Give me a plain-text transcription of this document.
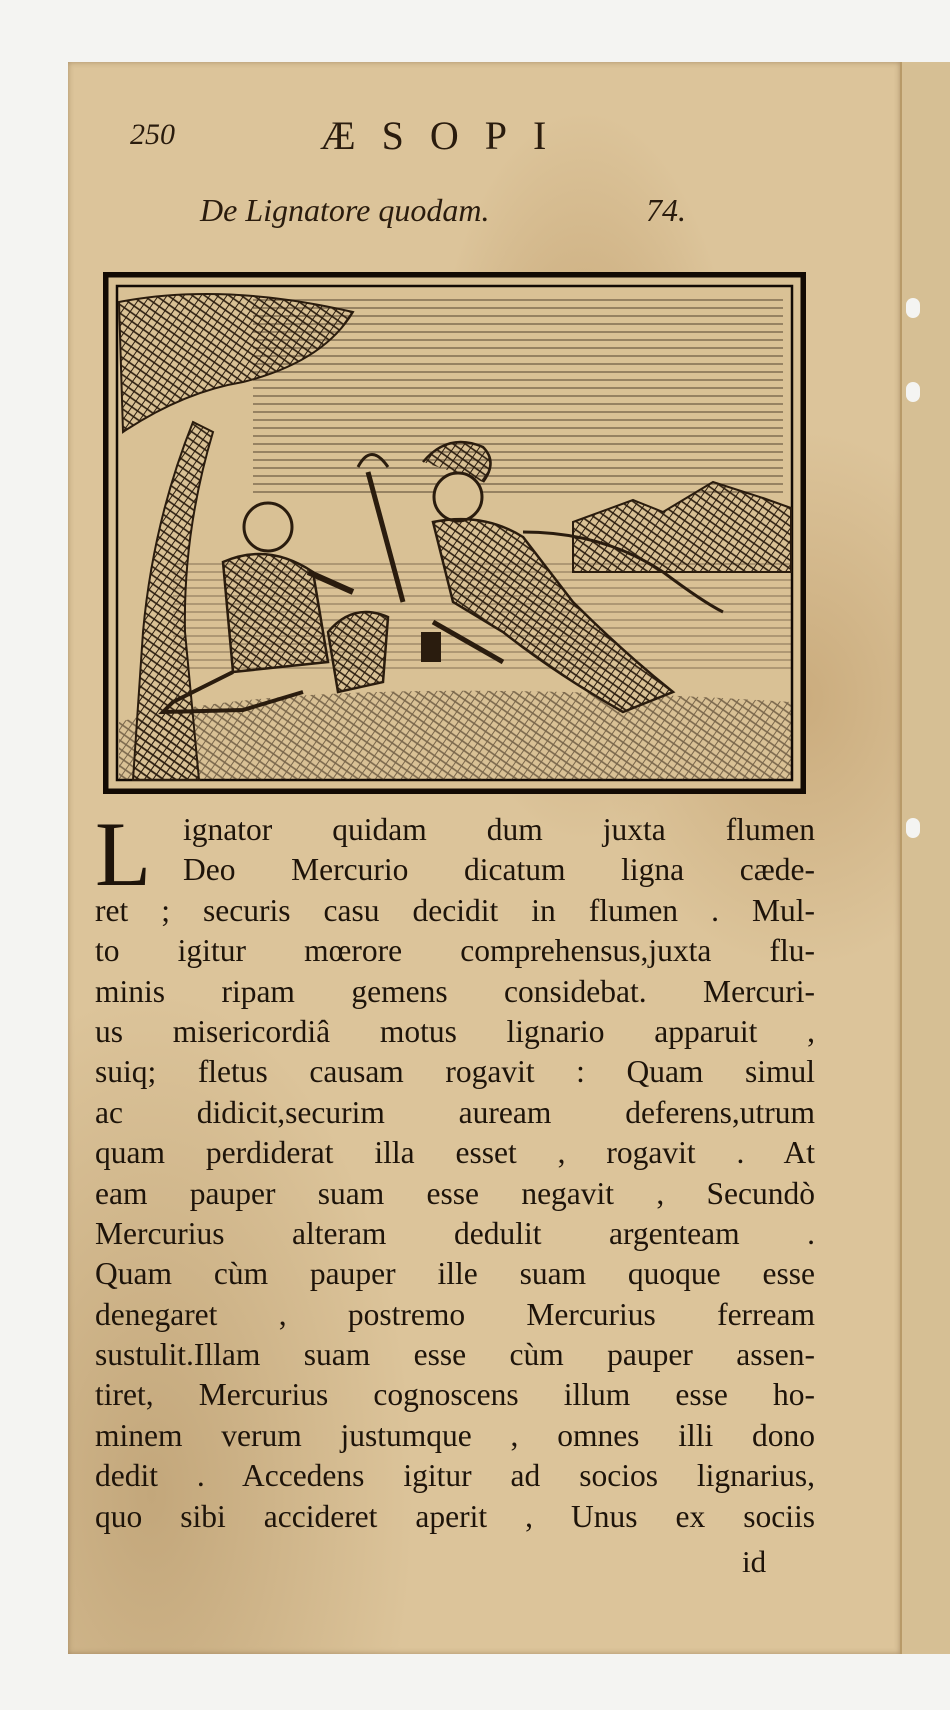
250	ÆSOPI
De Lignatore quodam.	74.
L	ignator quidam dum juxta flumen
Deo Mercurio dicatum ligna cæde-
ret ; securis casu decidit in flumen . Mul-
to igitur mœrore comprehensus,juxta flu-
minis ripam gemens considebat. Mercuri-
us misericordiâ motus lignario apparuit ,
suiq; fletus causam rogavit : Quam simul
ac didicit,securim auream deferens,utrum
quam perdiderat illa esset , rogavit . At
eam pauper suam esse negavit , Secundò
Mercurius alteram dedulit argenteam .
Quam cùm pauper ille suam quoque esse
denegaret , postremo Mercurius ferream
sustulit.Illam suam esse cùm pauper assen-
tiret, Mercurius cognoscens illum esse ho-
minem verum justumque , omnes illi dono
dedit . Accedens igitur ad socios lignarius,
quo sibi accideret aperit , Unus ex sociis
id
